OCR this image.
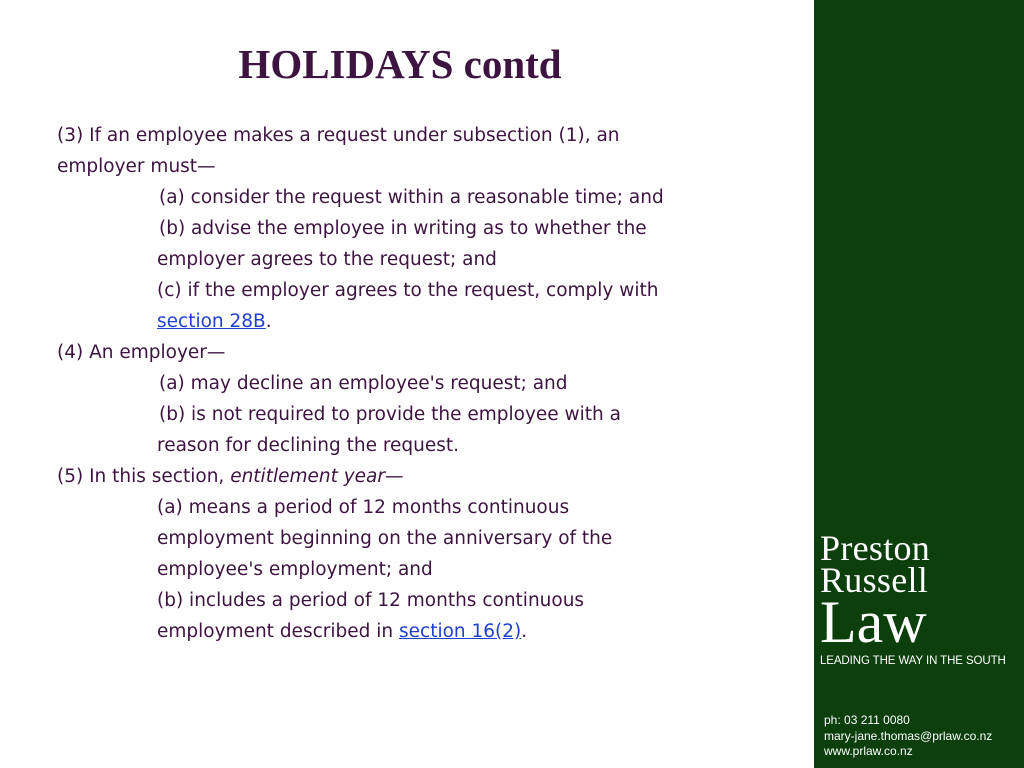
HOLIDAYS contd
(3) If an employee makes a request under subsection (1), an
employer must—
(a) consider the request within a reasonable time; and
(b) advise the employee in writing as to whether the
employer agrees to the request; and
(c) if the employer agrees to the request, comply with
section 28B.
(4) An employer—
(a) may decline an employee's request; and
(b) is not required to provide the employee with a
reason for declining the request.
(5) In this section, entitlement year—
(a) means a period of 12 months continuous
employment beginning on the anniversary of the
employee's employment; and
(b) includes a period of 12 months continuous
employment described in section 16(2).
Preston
Russell
Law
LEADING THE WAY IN THE SOUTH
ph: 03 211 0080
mary-jane.thomas@prlaw.co.nz
www.prlaw.co.nz
